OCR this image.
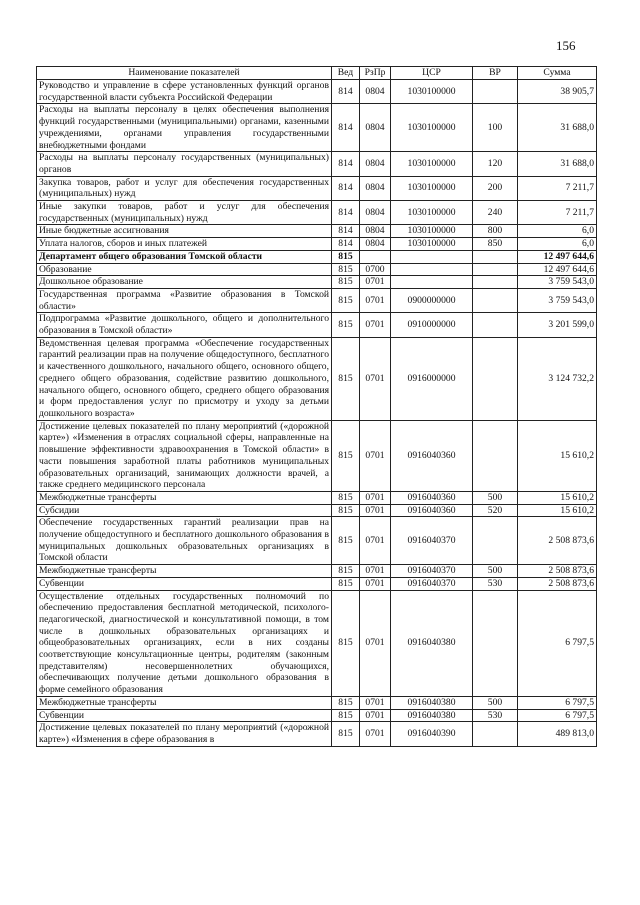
156
Наименование показателей	Вед	РзПр	ЦСР	ВР	Сумма
Руководство и управление в сфере установленных функций органов государственной власти субъекта Российской Федерации	814	0804	1030100000		38 905,7
Расходы на выплаты персоналу в целях обеспечения выполнения функций государственными (муниципальными) органами, казенными учреждениями, органами управления государственными внебюджетными фондами	814	0804	1030100000	100	31 688,0
Расходы на выплаты персоналу государственных (муниципальных) органов	814	0804	1030100000	120	31 688,0
Закупка товаров, работ и услуг для обеспечения государственных (муниципальных) нужд	814	0804	1030100000	200	7 211,7
Иные закупки товаров, работ и услуг для обеспечения государственных (муниципальных) нужд	814	0804	1030100000	240	7 211,7
Иные бюджетные ассигнования	814	0804	1030100000	800	6,0
Уплата налогов, сборов и иных платежей	814	0804	1030100000	850	6,0
Департамент общего образования Томской области	815				12 497 644,6
Образование	815	0700			12 497 644,6
Дошкольное образование	815	0701			3 759 543,0
Государственная программа «Развитие образования в Томской области»	815	0701	0900000000		3 759 543,0
Подпрограмма «Развитие дошкольного, общего и дополнительного образования в Томской области»	815	0701	0910000000		3 201 599,0
Ведомственная целевая программа «Обеспечение государственных гарантий реализации прав на получение общедоступного, бесплатного и качественного дошкольного, начального общего, основного общего, среднего общего образования, содействие развитию дошкольного, начального общего, основного общего, среднего общего образования и форм предоставления услуг по присмотру и уходу за детьми дошкольного возраста»	815	0701	0916000000		3 124 732,2
Достижение целевых показателей по плану мероприятий («дорожной карте») «Изменения в отраслях социальной сферы, направленные на повышение эффективности здравоохранения в Томской области» в части повышения заработной платы работников муниципальных образовательных организаций, занимающих должности врачей, а также среднего медицинского персонала	815	0701	0916040360		15 610,2
Межбюджетные трансферты	815	0701	0916040360	500	15 610,2
Субсидии	815	0701	0916040360	520	15 610,2
Обеспечение государственных гарантий реализации прав на получение общедоступного и бесплатного дошкольного образования в муниципальных дошкольных образовательных организациях в Томской области	815	0701	0916040370		2 508 873,6
Межбюджетные трансферты	815	0701	0916040370	500	2 508 873,6
Субвенции	815	0701	0916040370	530	2 508 873,6
Осуществление отдельных государственных полномочий по обеспечению предоставления бесплатной методической, психолого-педагогической, диагностической и консультативной помощи, в том числе в дошкольных образовательных организациях и общеобразовательных организациях, если в них созданы соответствующие консультационные центры, родителям (законным представителям) несовершеннолетних обучающихся, обеспечивающих получение детьми дошкольного образования в форме семейного образования	815	0701	0916040380		6 797,5
Межбюджетные трансферты	815	0701	0916040380	500	6 797,5
Субвенции	815	0701	0916040380	530	6 797,5
Достижение целевых показателей по плану мероприятий («дорожной карте») «Изменения в сфере образования в	815	0701	0916040390		489 813,0
